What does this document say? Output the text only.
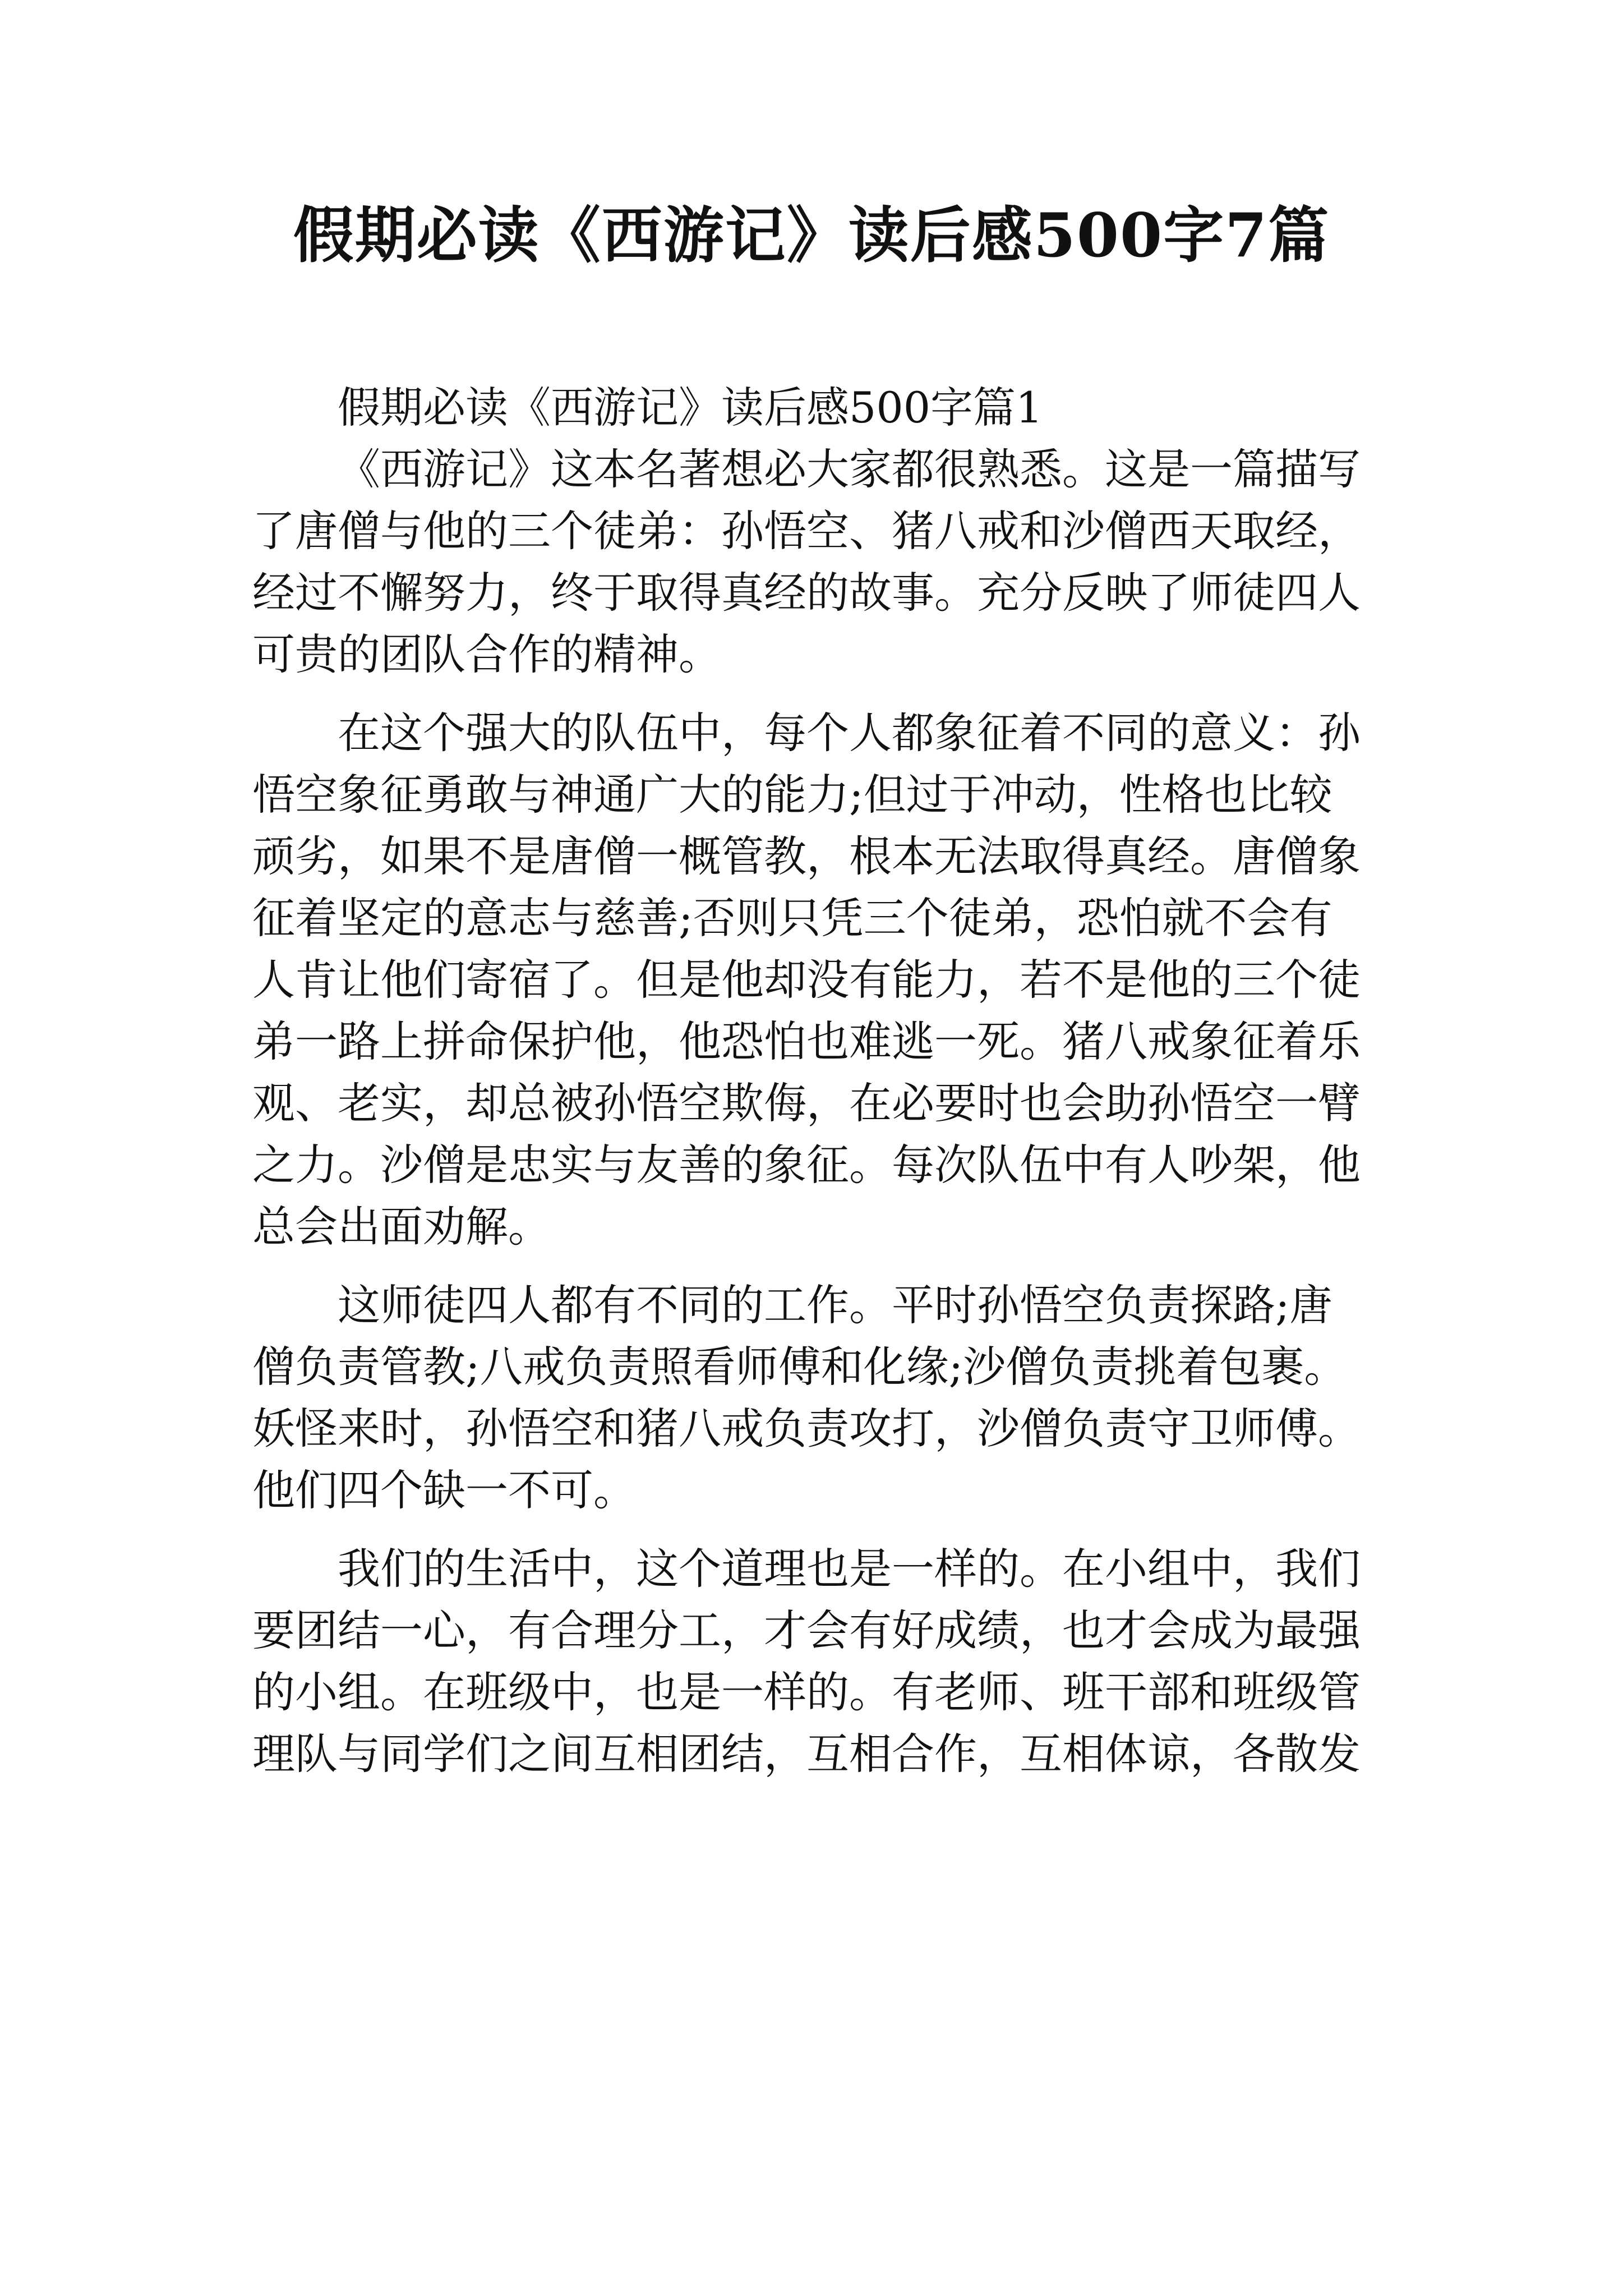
假期必读《西游记》读后感500字7篇
假期必读《西游记》读后感500字篇1
《西游记》这本名著想必大家都很熟悉。这是一篇描写
了唐僧与他的三个徒弟：孙悟空、猪八戒和沙僧西天取经，
经过不懈努力，终于取得真经的故事。充分反映了师徒四人
可贵的团队合作的精神。
在这个强大的队伍中，每个人都象征着不同的意义：孙
悟空象征勇敢与神通广大的能力;但过于冲动，性格也比较
顽劣，如果不是唐僧一概管教，根本无法取得真经。唐僧象
征着坚定的意志与慈善;否则只凭三个徒弟，恐怕就不会有
人肯让他们寄宿了。但是他却没有能力，若不是他的三个徒
弟一路上拼命保护他，他恐怕也难逃一死。猪八戒象征着乐
观、老实，却总被孙悟空欺侮，在必要时也会助孙悟空一臂
之力。沙僧是忠实与友善的象征。每次队伍中有人吵架，他
总会出面劝解。
这师徒四人都有不同的工作。平时孙悟空负责探路;唐
僧负责管教;八戒负责照看师傅和化缘;沙僧负责挑着包裹。
妖怪来时，孙悟空和猪八戒负责攻打，沙僧负责守卫师傅。
他们四个缺一不可。
我们的生活中，这个道理也是一样的。在小组中，我们
要团结一心，有合理分工，才会有好成绩，也才会成为最强
的小组。在班级中，也是一样的。有老师、班干部和班级管
理队与同学们之间互相团结，互相合作，互相体谅，各散发
